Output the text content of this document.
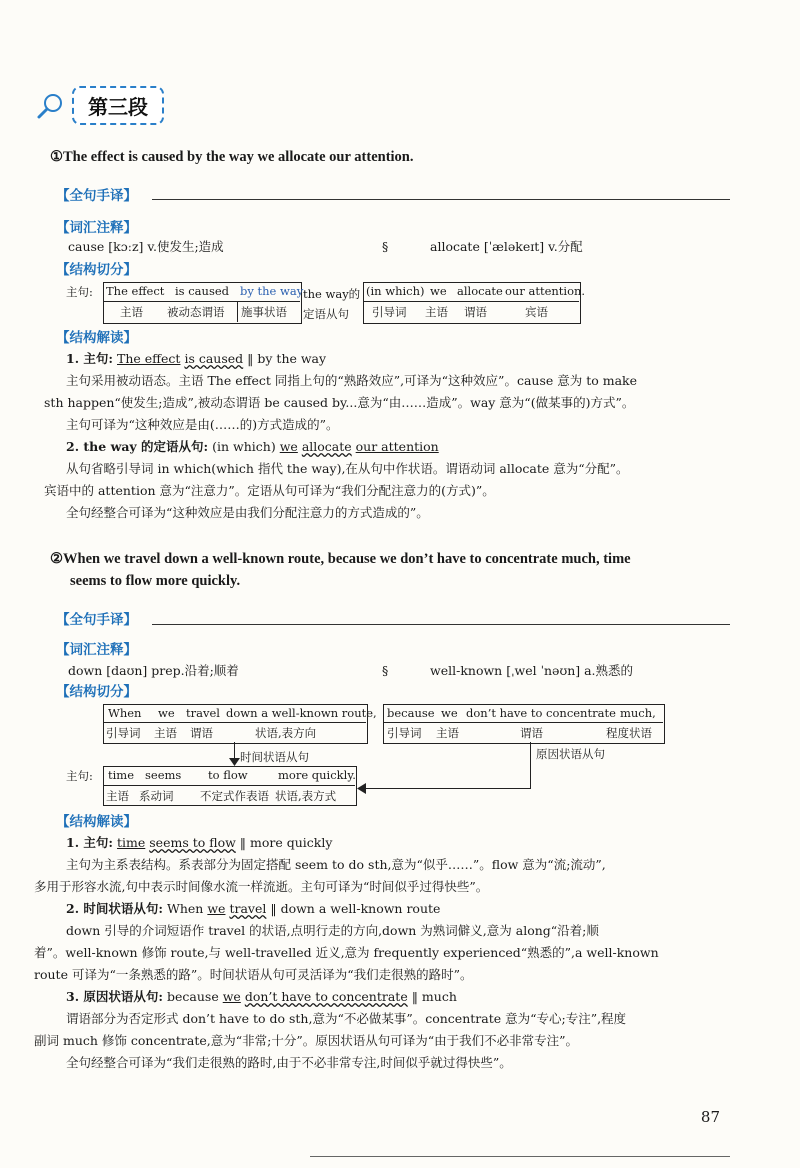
第三段
①The effect is caused by the way we allocate our attention.
【全句手译】
【词汇注释】
cause [kɔːz] v.使发生;造成	§	allocate [ˈæləkeɪt] v.分配
【结构切分】
主句: The effect is caused by the way
主语 被动态谓语 施事状语
the way的
定语从句
(in which) we allocate our attention.
引导词 主语 谓语	宾语
【结构解读】
1. 主句: The effect is caused ‖ by the way
主句采用被动语态。主语 The effect 同指上句的“熟路效应”,可译为“这种效应”。cause 意为 to make
sth happen“使发生;造成”,被动态谓语 be caused by...意为“由……造成”。way 意为“(做某事的)方式”。
主句可译为“这种效应是由(……的)方式造成的”。
2. the way 的定语从句: (in which) we allocate our attention
从句省略引导词 in which(which 指代 the way),在从句中作状语。谓语动词 allocate 意为“分配”。
宾语中的 attention 意为“注意力”。定语从句可译为“我们分配注意力的(方式)”。
全句经整合可译为“这种效应是由我们分配注意力的方式造成的”。
②When we travel down a well-known route, because we don’t have to concentrate much, time
seems to flow more quickly.
【全句手译】
【词汇注释】
down [daʊn] prep.沿着;顺着	§	well-known [ˌwel ˈnəʊn] a.熟悉的
【结构切分】
When we travel down a well-known route,
引导词 主语 谓语	状语,表方向
时间状语从句
because we don’t have to concentrate much,
引导词 主语	谓语	程度状语
原因状语从句
主句: time seems to flow	more quickly.
主语 系动词 不定式作表语 状语,表方式
【结构解读】
1. 主句: time seems to flow ‖ more quickly
主句为主系表结构。系表部分为固定搭配 seem to do sth,意为“似乎……”。flow 意为“流;流动”,
多用于形容水流,句中表示时间像水流一样流逝。主句可译为“时间似乎过得快些”。
2. 时间状语从句: When we travel ‖ down a well-known route
down 引导的介词短语作 travel 的状语,点明行走的方向,down 为熟词僻义,意为 along“沿着;顺
着”。well-known 修饰 route,与 well-travelled 近义,意为 frequently experienced“熟悉的”,a well-known
route 可译为“一条熟悉的路”。时间状语从句可灵活译为“我们走很熟的路时”。
3. 原因状语从句: because we don’t have to concentrate ‖ much
谓语部分为否定形式 don’t have to do sth,意为“不必做某事”。concentrate 意为“专心;专注”,程度
副词 much 修饰 concentrate,意为“非常;十分”。原因状语从句可译为“由于我们不必非常专注”。
全句经整合可译为“我们走很熟的路时,由于不必非常专注,时间似乎就过得快些”。
87
